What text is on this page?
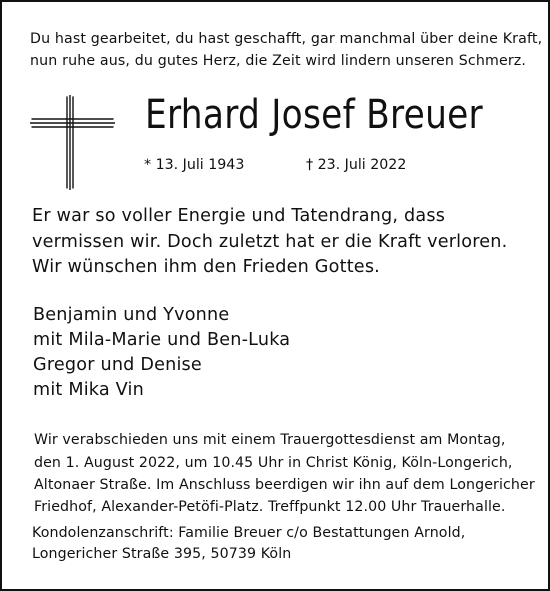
Du hast gearbeitet, du hast geschafft, gar manchmal über deine Kraft,
nun ruhe aus, du gutes Herz, die Zeit wird lindern unseren Schmerz.
Erhard Josef Breuer
* 13. Juli 1943	† 23. Juli 2022
Er war so voller Energie und Tatendrang, dass
vermissen wir. Doch zuletzt hat er die Kraft verloren.
Wir wünschen ihm den Frieden Gottes.
Benjamin und Yvonne
mit Mila-Marie und Ben-Luka
Gregor und Denise
mit Mika Vin
Wir verabschieden uns mit einem Trauergottesdienst am Montag,
den 1. August 2022, um 10.45 Uhr in Christ König, Köln-Longerich,
Altonaer Straße. Im Anschluss beerdigen wir ihn auf dem Longericher
Friedhof, Alexander-Petöfi-Platz. Treffpunkt 12.00 Uhr Trauerhalle.
Kondolenzanschrift: Familie Breuer c/o Bestattungen Arnold,
Longericher Straße 395, 50739 Köln
